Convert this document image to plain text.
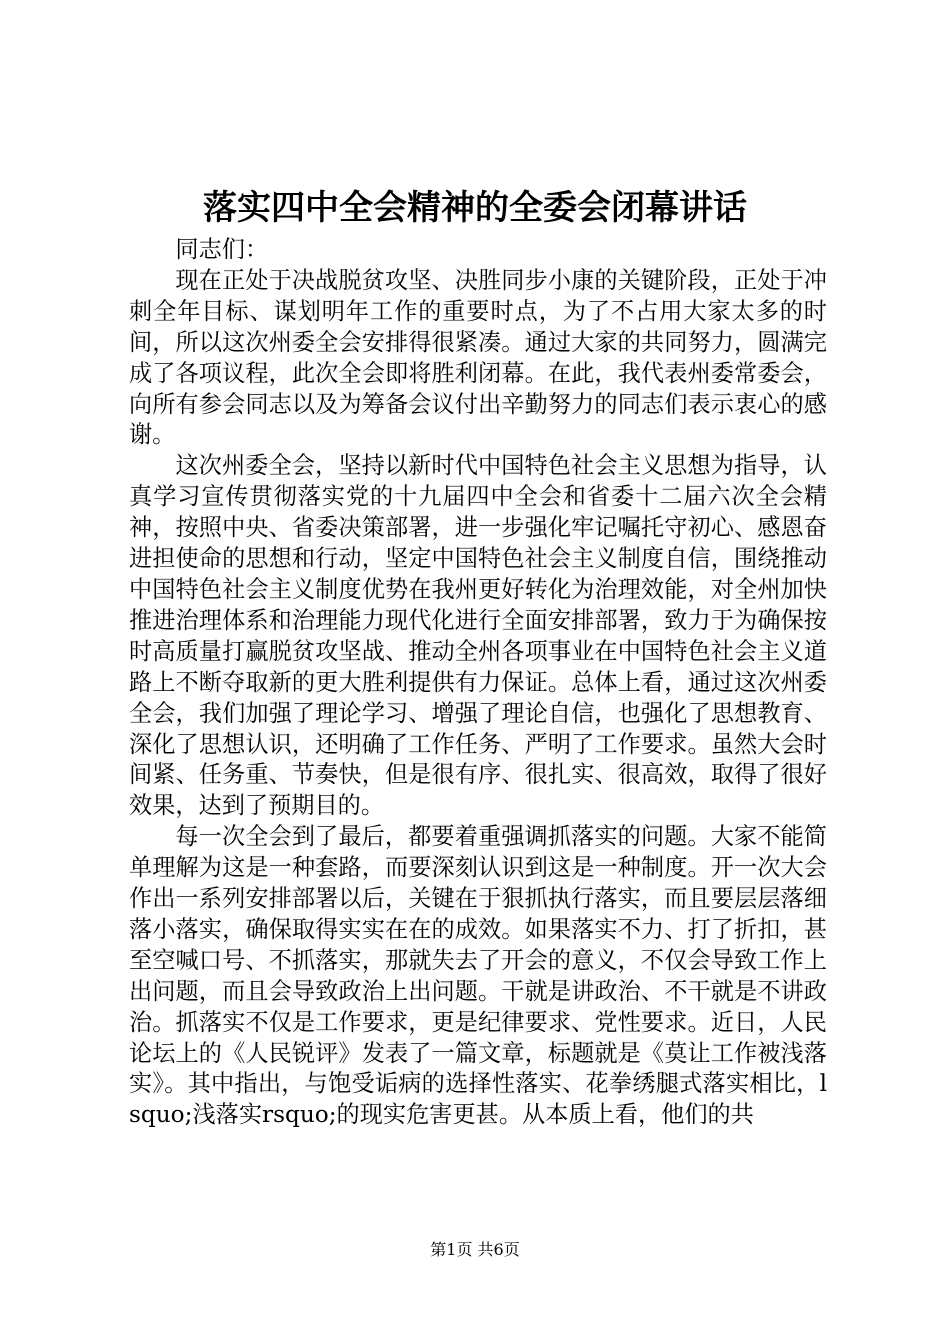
落实四中全会精神的全委会闭幕讲话

同志们：

现在正处于决战脱贫攻坚、决胜同步小康的关键阶段，正处于冲刺全年目标、谋划明年工作的重要时点，为了不占用大家太多的时间，所以这次州委全会安排得很紧凑。通过大家的共同努力，圆满完成了各项议程，此次全会即将胜利闭幕。在此，我代表州委常委会，向所有参会同志以及为筹备会议付出辛勤努力的同志们表示衷心的感谢。

这次州委全会，坚持以新时代中国特色社会主义思想为指导，认真学习宣传贯彻落实党的十九届四中全会和省委十二届六次全会精神，按照中央、省委决策部署，进一步强化牢记嘱托守初心、感恩奋进担使命的思想和行动，坚定中国特色社会主义制度自信，围绕推动中国特色社会主义制度优势在我州更好转化为治理效能，对全州加快推进治理体系和治理能力现代化进行全面安排部署，致力于为确保按时高质量打赢脱贫攻坚战、推动全州各项事业在中国特色社会主义道路上不断夺取新的更大胜利提供有力保证。总体上看，通过这次州委全会，我们加强了理论学习、增强了理论自信，也强化了思想教育、深化了思想认识，还明确了工作任务、严明了工作要求。虽然大会时间紧、任务重、节奏快，但是很有序、很扎实、很高效，取得了很好效果，达到了预期目的。

每一次全会到了最后，都要着重强调抓落实的问题。大家不能简单理解为这是一种套路，而要深刻认识到这是一种制度。开一次大会作出一系列安排部署以后，关键在于狠抓执行落实，而且要层层落细落小落实，确保取得实实在在的成效。如果落实不力、打了折扣，甚至空喊口号、不抓落实，那就失去了开会的意义，不仅会导致工作上出问题，而且会导致政治上出问题。干就是讲政治、不干就是不讲政治。抓落实不仅是工作要求，更是纪律要求、党性要求。近日，人民论坛上的《人民锐评》发表了一篇文章，标题就是《莫让工作被浅落实》。其中指出，与饱受诟病的选择性落实、花拳绣腿式落实相比，lsquo;浅落实rsquo;的现实危害更甚。从本质上看，他们的共

第1页 共6页
